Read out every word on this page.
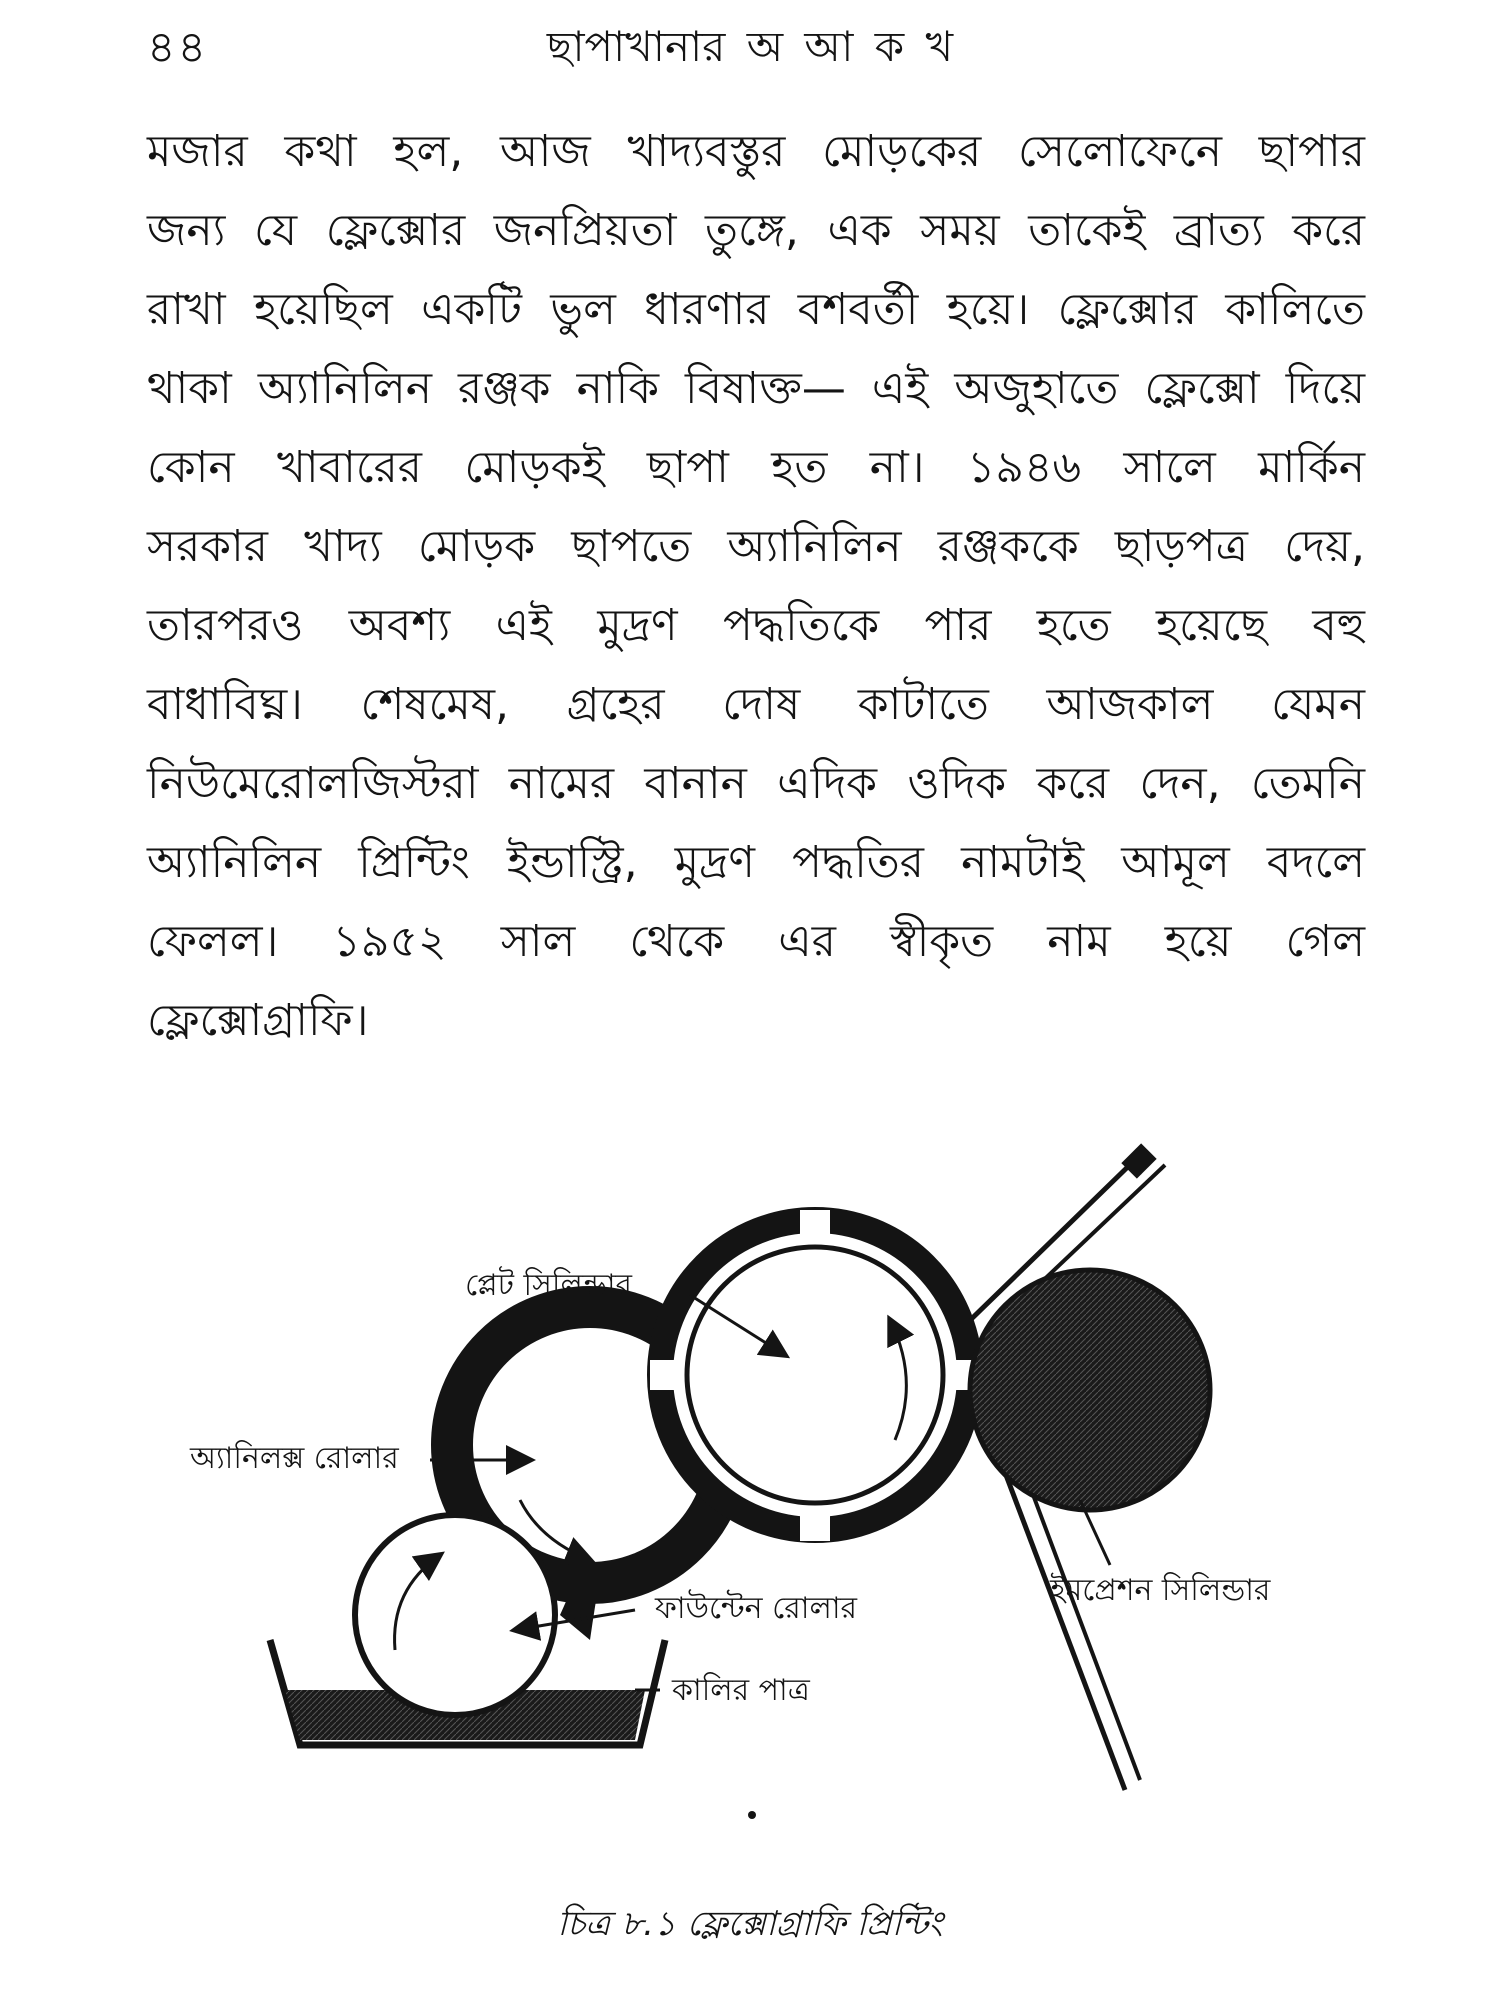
৪৪	ছাপাখানার অ আ ক খ
মজার কথা হল, আজ খাদ্যবস্তুর মোড়কের সেলোফেনে ছাপার
জন্য যে ফ্লেক্সোর জনপ্রিয়তা তুঙ্গে, এক সময় তাকেই ব্রাত্য করে
রাখা হয়েছিল একটি ভুল ধারণার বশবর্তী হয়ে। ফ্লেক্সোর কালিতে
থাকা অ্যানিলিন রঞ্জক নাকি বিষাক্ত— এই অজুহাতে ফ্লেক্সো দিয়ে
কোন খাবারের মোড়কই ছাপা হত না। ১৯৪৬ সালে মার্কিন
সরকার খাদ্য মোড়ক ছাপতে অ্যানিলিন রঞ্জককে ছাড়পত্র দেয়,
তারপরও অবশ্য এই মুদ্রণ পদ্ধতিকে পার হতে হয়েছে বহু
বাধাবিঘ্ন। শেষমেষ, গ্রহের দোষ কাটাতে আজকাল যেমন
নিউমেরোলজিস্টরা নামের বানান এদিক ওদিক করে দেন, তেমনি
অ্যানিলিন প্রিন্টিং ইন্ডাস্ট্রি, মুদ্রণ পদ্ধতির নামটাই আমূল বদলে
ফেলল। ১৯৫২ সাল থেকে এর স্বীকৃত নাম হয়ে গেল
ফ্লেক্সোগ্রাফি।
প্লেট সিলিন্ডার
অ্যানিলক্স রোলার
ইমপ্রেশন সিলিন্ডার
ফাউন্টেন রোলার
কালির পাত্র
চিত্র ৮.১ ফ্লেক্সোগ্রাফি প্রিন্টিং
